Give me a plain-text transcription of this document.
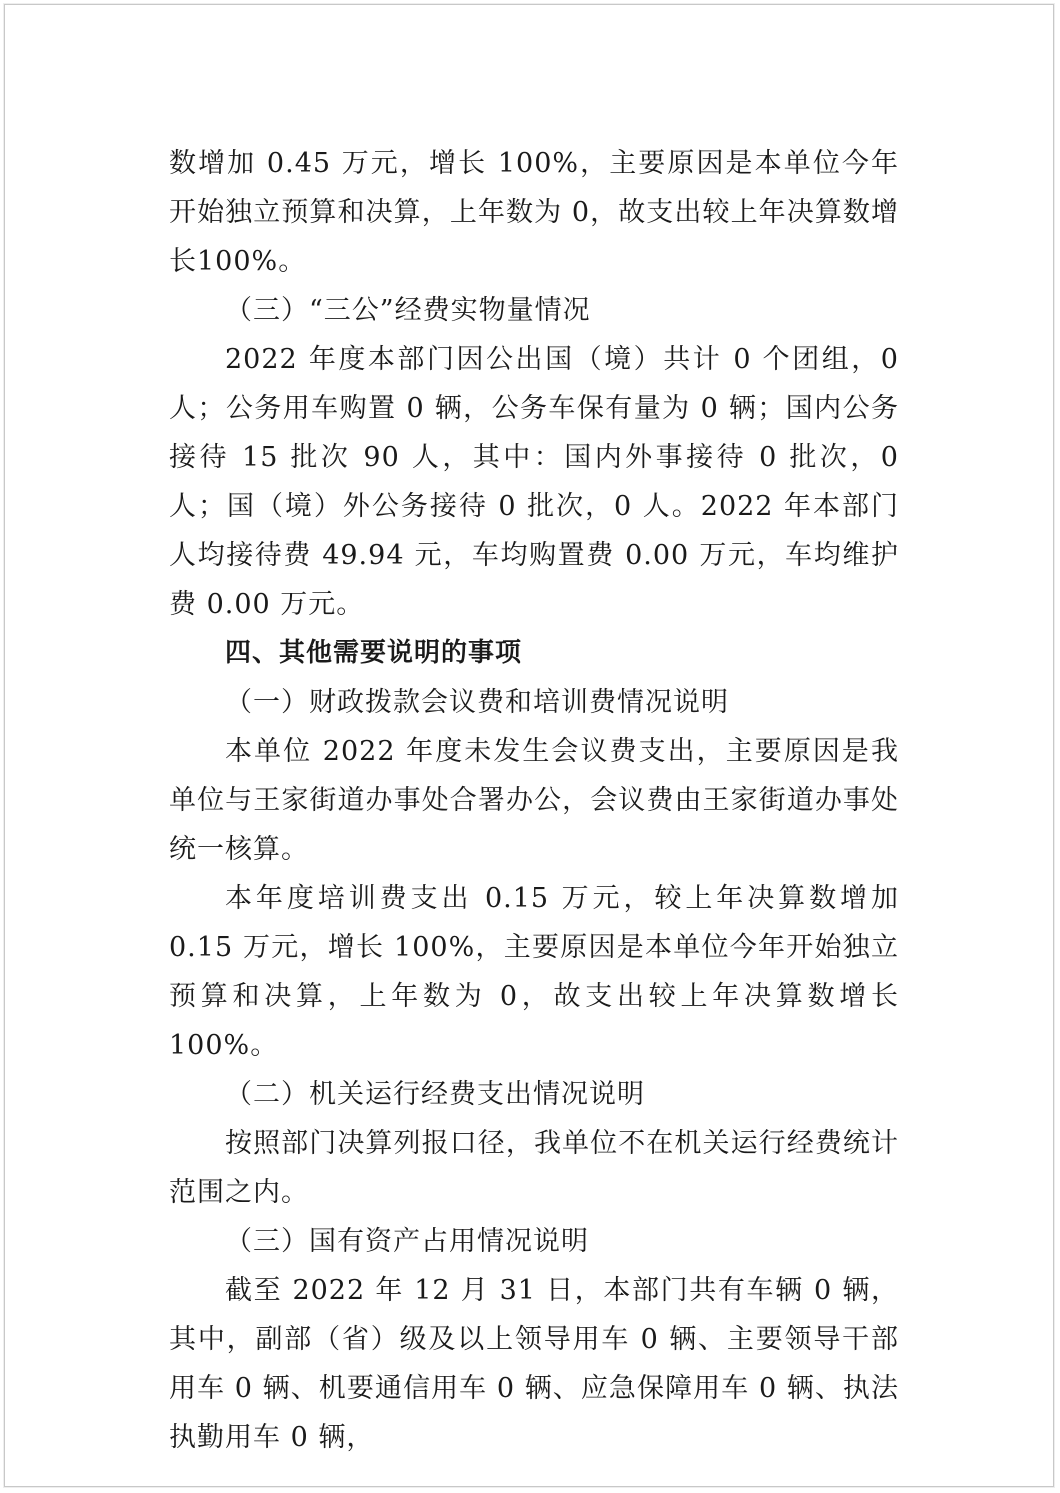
数增加 0.45 万元，增长 100%，主要原因是本单位今年开始独立预算和决算，上年数为 0，故支出较上年决算数增长100%。

（三）“三公”经费实物量情况

2022 年度本部门因公出国（境）共计 0 个团组，0 人；公务用车购置 0 辆，公务车保有量为 0 辆；国内公务接待 15 批次 90 人，其中：国内外事接待 0 批次，0 人；国（境）外公务接待 0 批次，0 人。2022 年本部门人均接待费 49.94 元，车均购置费 0.00 万元，车均维护费 0.00 万元。

四、其他需要说明的事项

（一）财政拨款会议费和培训费情况说明

本单位 2022 年度未发生会议费支出，主要原因是我单位与王家街道办事处合署办公，会议费由王家街道办事处统一核算。

本年度培训费支出 0.15 万元，较上年决算数增加 0.15 万元，增长 100%，主要原因是本单位今年开始独立预算和决算，上年数为 0，故支出较上年决算数增长 100%。

（二）机关运行经费支出情况说明

按照部门决算列报口径，我单位不在机关运行经费统计范围之内。

（三）国有资产占用情况说明

截至 2022 年 12 月 31 日，本部门共有车辆 0 辆，其中，副部（省）级及以上领导用车 0 辆、主要领导干部用车 0 辆、机要通信用车 0 辆、应急保障用车 0 辆、执法执勤用车 0 辆，
